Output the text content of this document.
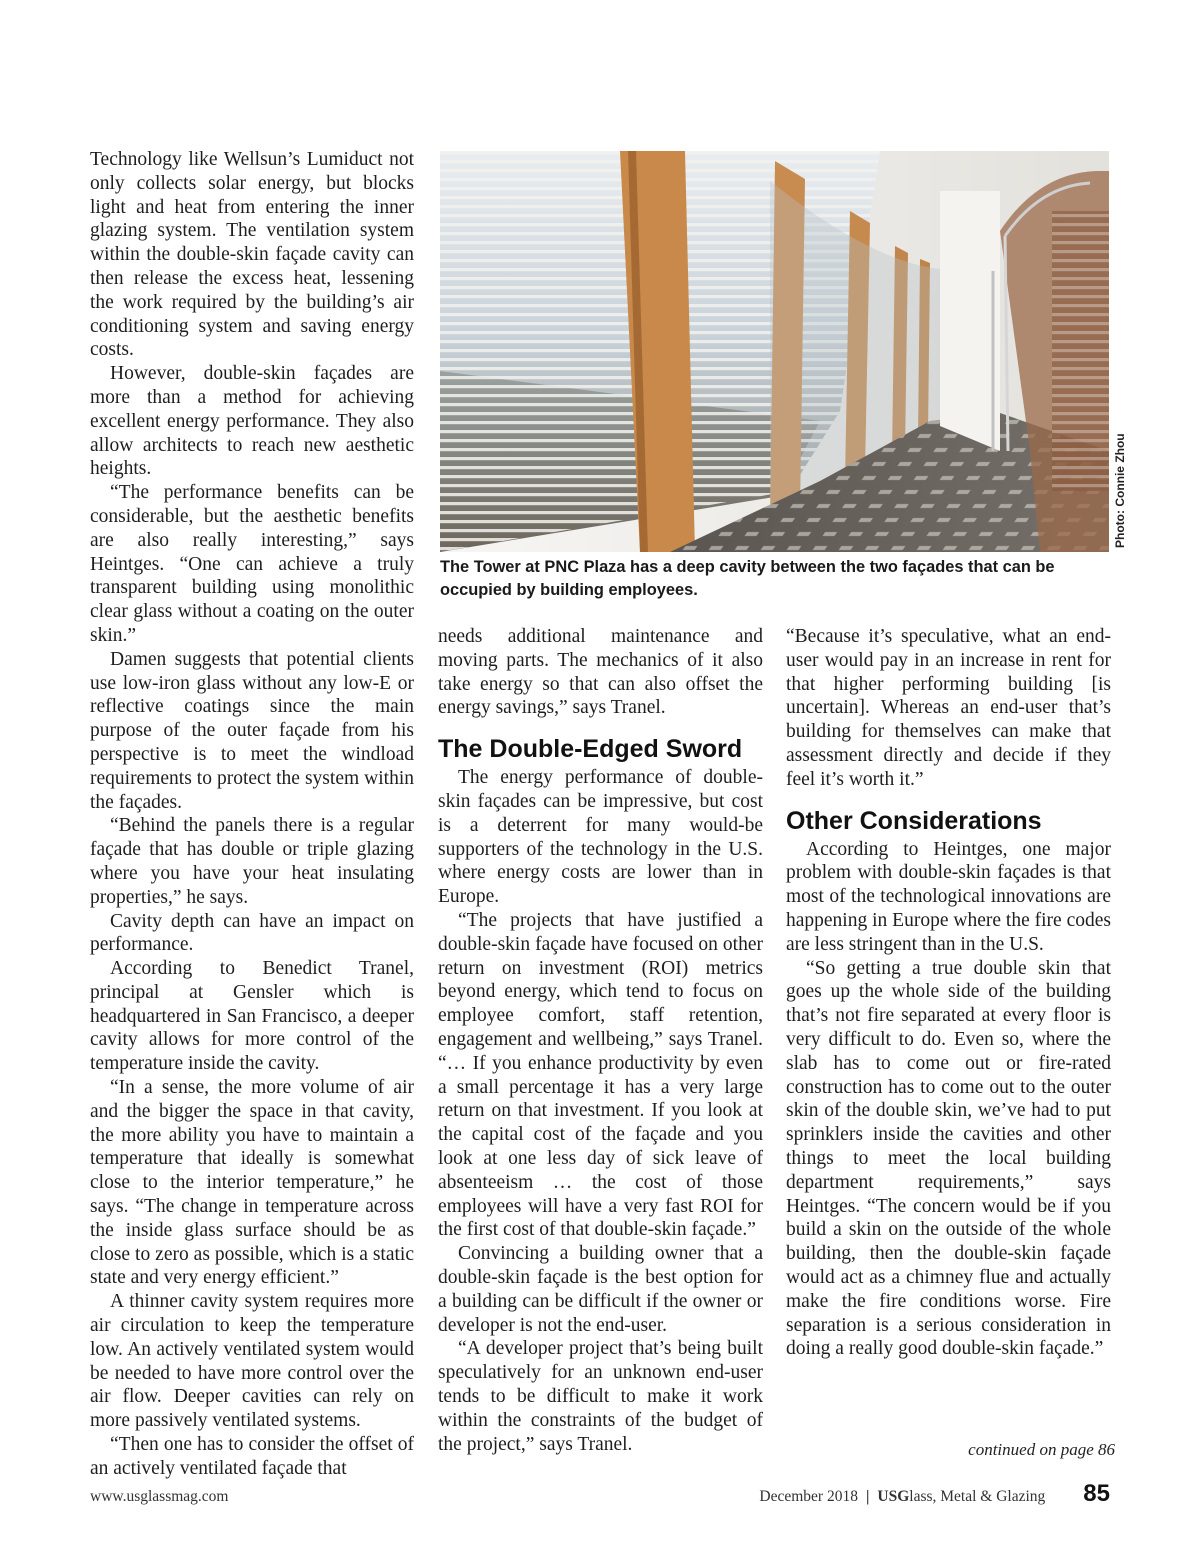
Technology like Wellsun’s Lumiduct not only collects solar energy, but blocks light and heat from entering the inner glazing system. The ventilation system within the double-skin façade cavity can then release the excess heat, lessening the work required by the building’s air conditioning system and saving energy costs.

However, double-skin façades are more than a method for achieving excellent energy performance. They also allow architects to reach new aesthetic heights.

“The performance benefits can be considerable, but the aesthetic benefits are also really interesting,” says Heintges. “One can achieve a truly transparent building using monolithic clear glass without a coating on the outer skin.”

Damen suggests that potential clients use low-iron glass without any low-E or reflective coatings since the main purpose of the outer façade from his perspective is to meet the windload requirements to protect the system within the façades.

“Behind the panels there is a regular façade that has double or triple glazing where you have your heat insulating properties,” he says.

Cavity depth can have an impact on performance.

According to Benedict Tranel, principal at Gensler which is headquartered in San Francisco, a deeper cavity allows for more control of the temperature inside the cavity.

“In a sense, the more volume of air and the bigger the space in that cavity, the more ability you have to maintain a temperature that ideally is somewhat close to the interior temperature,” he says. “The change in temperature across the inside glass surface should be as close to zero as possible, which is a static state and very energy efficient.”

A thinner cavity system requires more air circulation to keep the temperature low. An actively ventilated system would be needed to have more control over the air flow. Deeper cavities can rely on more passively ventilated systems.

“Then one has to consider the offset of an actively ventilated façade that

Photo: Connie Zhou
The Tower at PNC Plaza has a deep cavity between the two façades that can be occupied by building employees.

needs additional maintenance and moving parts. The mechanics of it also take energy so that can also offset the energy savings,” says Tranel.

The Double-Edged Sword

The energy performance of double-skin façades can be impressive, but cost is a deterrent for many would-be supporters of the technology in the U.S. where energy costs are lower than in Europe.

“The projects that have justified a double-skin façade have focused on other return on investment (ROI) metrics beyond energy, which tend to focus on employee comfort, staff retention, engagement and wellbeing,” says Tranel. “… If you enhance productivity by even a small percentage it has a very large return on that investment. If you look at the capital cost of the façade and you look at one less day of sick leave of absenteeism … the cost of those employees will have a very fast ROI for the first cost of that double-skin façade.”

Convincing a building owner that a double-skin façade is the best option for a building can be difficult if the owner or developer is not the end-user.

“A developer project that’s being built speculatively for an unknown end-user tends to be difficult to make it work within the constraints of the budget of the project,” says Tranel.

“Because it’s speculative, what an end-user would pay in an increase in rent for that higher performing building [is uncertain]. Whereas an end-user that’s building for themselves can make that assessment directly and decide if they feel it’s worth it.”

Other Considerations

According to Heintges, one major problem with double-skin façades is that most of the technological innovations are happening in Europe where the fire codes are less stringent than in the U.S.

“So getting a true double skin that goes up the whole side of the building that’s not fire separated at every floor is very difficult to do. Even so, where the slab has to come out or fire-rated construction has to come out to the outer skin of the double skin, we’ve had to put sprinklers inside the cavities and other things to meet the local building department requirements,” says Heintges. “The concern would be if you build a skin on the outside of the whole building, then the double-skin façade would act as a chimney flue and actually make the fire conditions worse. Fire separation is a serious consideration in doing a really good double-skin façade.”

continued on page 86
www.usglassmag.com	December 2018 | USGlass, Metal & Glazing 85
